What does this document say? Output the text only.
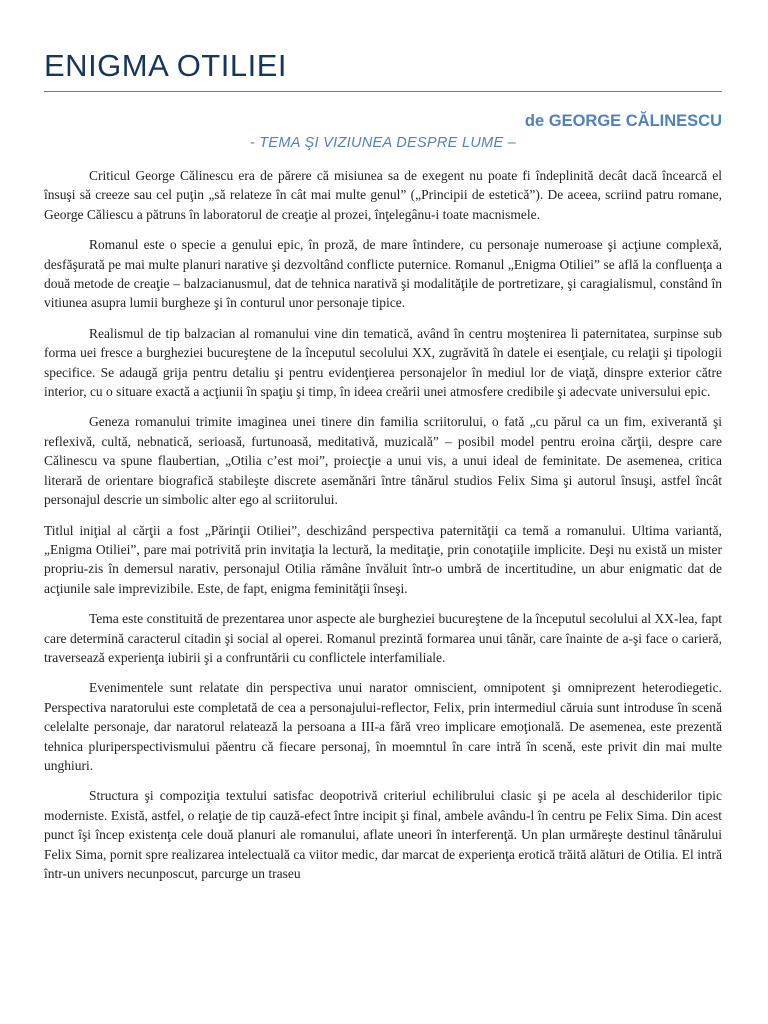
ENIGMA OTILIEI
de GEORGE CĂLINESCU
- TEMA ŞI VIZIUNEA DESPRE LUME –

Criticul George Călinescu era de părere că misiunea sa de exegent nu poate fi îndeplinită decât dacă încearcă el însuşi să creeze sau cel puţin „să relateze în cât mai multe genul” („Principii de estetică”). De aceea, scriind patru romane, George Căliescu a pătruns în laboratorul de creaţie al prozei, înţelegânu-i toate macnismele.

Romanul este o specie a genului epic, în proză, de mare întindere, cu personaje numeroase şi acţiune complexă, desfăşurată pe mai multe planuri narative şi dezvoltând conflicte puternice. Romanul „Enigma Otiliei” se află la confluenţa a două metode de creaţie – balzacianusmul, dat de tehnica narativă şi modalităţile de portretizare, şi caragialismul, constând în vitiunea asupra lumii burgheze şi în conturul unor personaje tipice.

Realismul de tip balzacian al romanului vine din tematică, având în centru moştenirea li paternitatea, surpinse sub forma uei fresce a burgheziei bucureştene de la începutul secolului XX, zugrăvită în datele ei esenţiale, cu relaţii şi tipologii specifice. Se adaugă grija pentru detaliu şi pentru evidenţierea personajelor în mediul lor de viaţă, dinspre exterior către interior, cu o situare exactă a acţiunii în spaţiu şi timp, în ideea creării unei atmosfere credibile şi adecvate universului epic.

Geneza romanului trimite imaginea unei tinere din familia scriitorului, o fată „cu părul ca un fim, exiverantă şi reflexivă, cultă, nebnatică, serioasă, furtunoasă, meditativă, muzicală” – posibil model pentru eroina cărţii, despre care Călinescu va spune flaubertian, „Otilia c’est moi”, proiecţie a unui vis, a unui ideal de feminitate. De asemenea, critica literară de orientare biografică stabileşte discrete asemănări între tânărul studios Felix Sima şi autorul însuşi, astfel încât personajul descrie un simbolic alter ego al scriitorului.

Titlul iniţial al cărţii a fost „Părinţii Otiliei”, deschizând perspectiva paternităţii ca temă a romanului. Ultima variantă, „Enigma Otiliei”, pare mai potrivită prin invitaţia la lectură, la meditaţie, prin conotaţiile implicite. Deşi nu există un mister propriu-zis în demersul narativ, personajul Otilia rămâne învăluit într-o umbră de incertitudine, un abur enigmatic dat de acţiunile sale imprevizibile. Este, de fapt, enigma feminităţii înseşi.

Tema este constituită de prezentarea unor aspecte ale burgheziei bucureştene de la începutul secolului al XX-lea, fapt care determină caracterul citadin şi social al operei. Romanul prezintă formarea unui tânăr, care înainte de a-şi face o carieră, traversează experienţa iubirii şi a confruntării cu conflictele interfamiliale.

Evenimentele sunt relatate din perspectiva unui narator omniscient, omnipotent şi omniprezent heterodiegetic. Perspectiva naratorului este completată de cea a personajului-reflector, Felix, prin intermediul căruia sunt introduse în scenă celelalte personaje, dar naratorul relatează la persoana a III-a fără vreo implicare emoţională. De asemenea, este prezentă tehnica pluriperspectivismului păentru că fiecare personaj, în moemntul în care intră în scenă, este privit din mai multe unghiuri.

Structura şi compoziţia textului satisfac deopotrivă criteriul echilibrului clasic şi pe acela al deschiderilor tipic moderniste. Există, astfel, o relaţie de tip cauză-efect între incipit şi final, ambele avându-l în centru pe Felix Sima. Din acest punct îşi încep existenţa cele două planuri ale romanului, aflate uneori în interferenţă. Un plan urmăreşte destinul tânărului Felix Sima, pornit spre realizarea intelectuală ca viitor medic, dar marcat de experienţa erotică trăită alături de Otilia. El intră într-un univers necunposcut, parcurge un traseu
